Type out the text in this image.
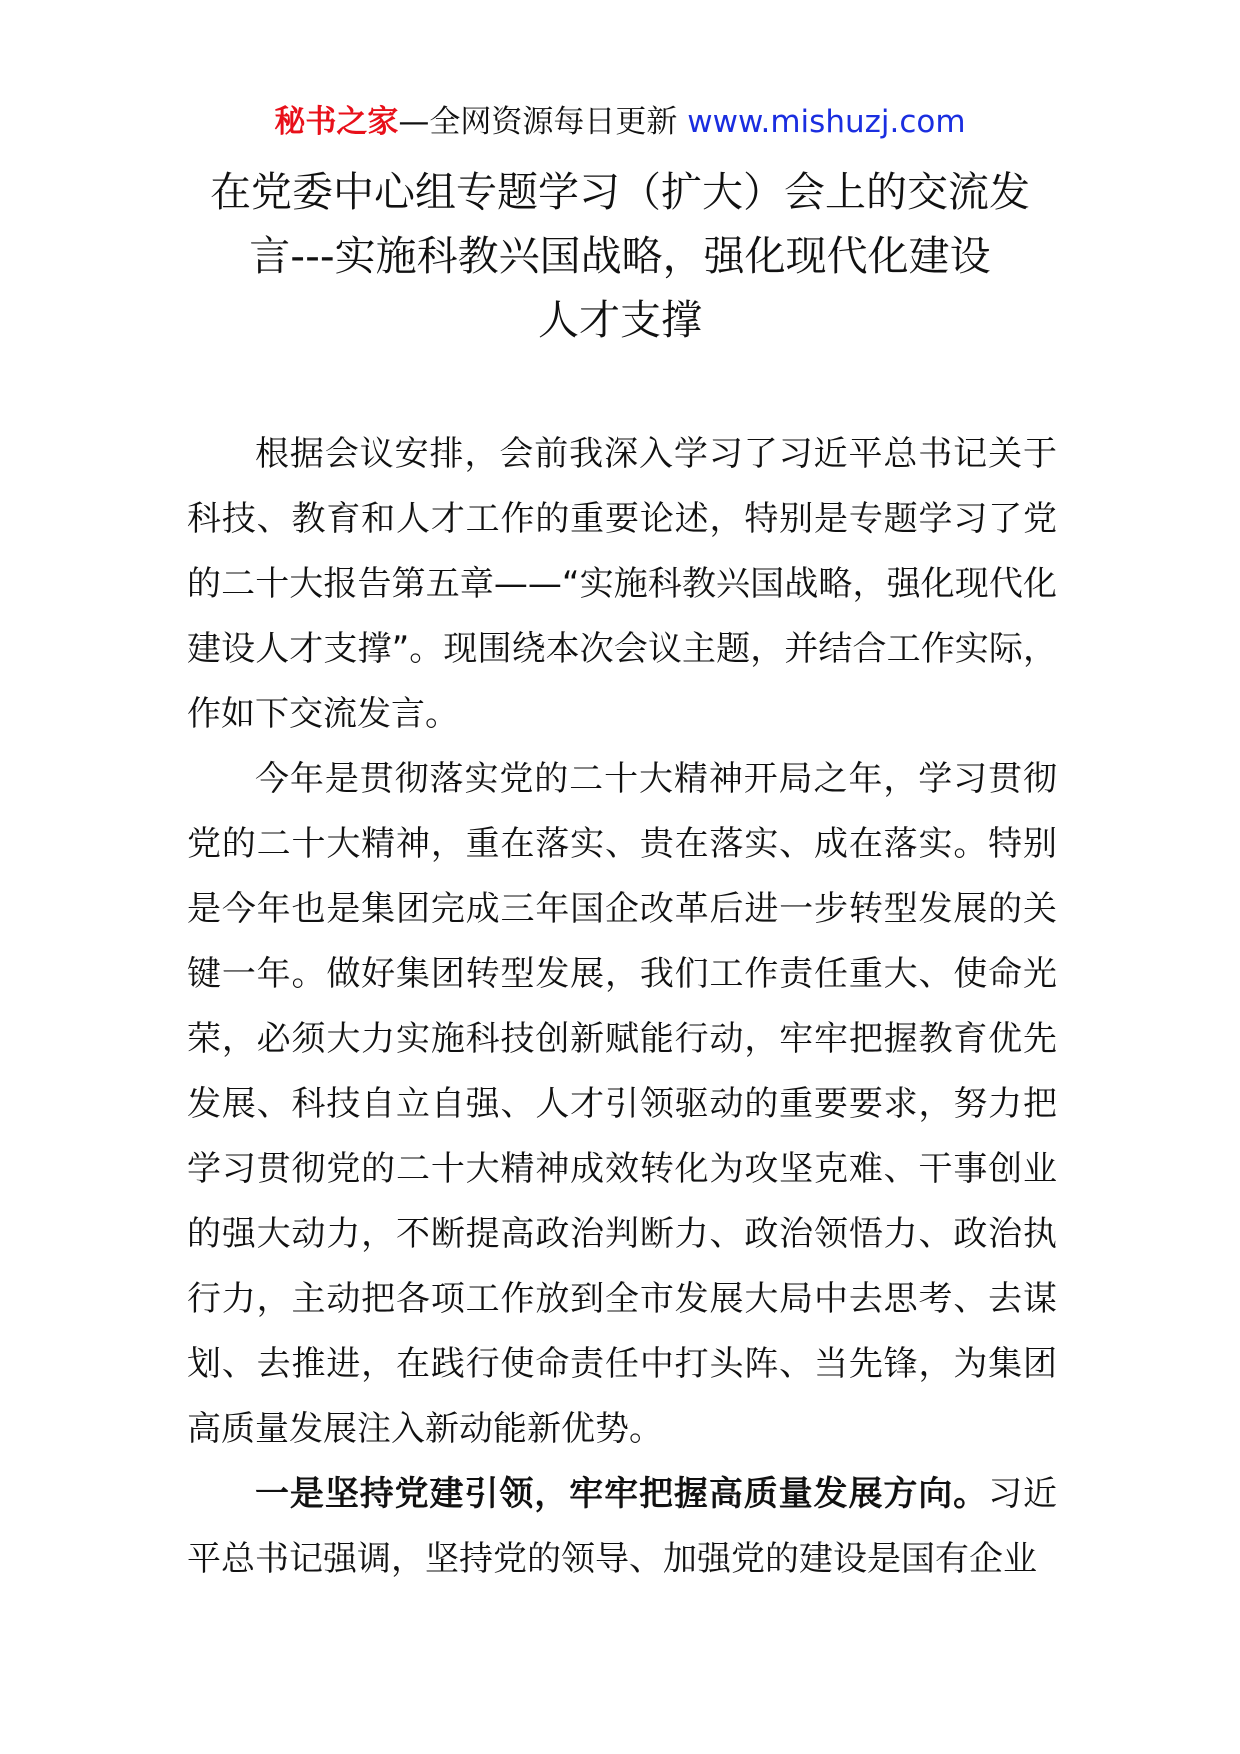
秘书之家—全网资源每日更新 www.mishuzj.com
在党委中心组专题学习（扩大）会上的交流发
言---实施科教兴国战略，强化现代化建设
人才支撑

根据会议安排，会前我深入学习了习近平总书记关于科技、教育和人才工作的重要论述，特别是专题学习了党的二十大报告第五章——“实施科教兴国战略，强化现代化建设人才支撑”。现围绕本次会议主题，并结合工作实际，作如下交流发言。

今年是贯彻落实党的二十大精神开局之年，学习贯彻党的二十大精神，重在落实、贵在落实、成在落实。特别是今年也是集团完成三年国企改革后进一步转型发展的关键一年。做好集团转型发展，我们工作责任重大、使命光荣，必须大力实施科技创新赋能行动，牢牢把握教育优先发展、科技自立自强、人才引领驱动的重要要求，努力把学习贯彻党的二十大精神成效转化为攻坚克难、干事创业的强大动力，不断提高政治判断力、政治领悟力、政治执行力，主动把各项工作放到全市发展大局中去思考、去谋划、去推进，在践行使命责任中打头阵、当先锋，为集团高质量发展注入新动能新优势。

一是坚持党建引领，牢牢把握高质量发展方向。习近平总书记强调，坚持党的领导、加强党的建设是国有企业
